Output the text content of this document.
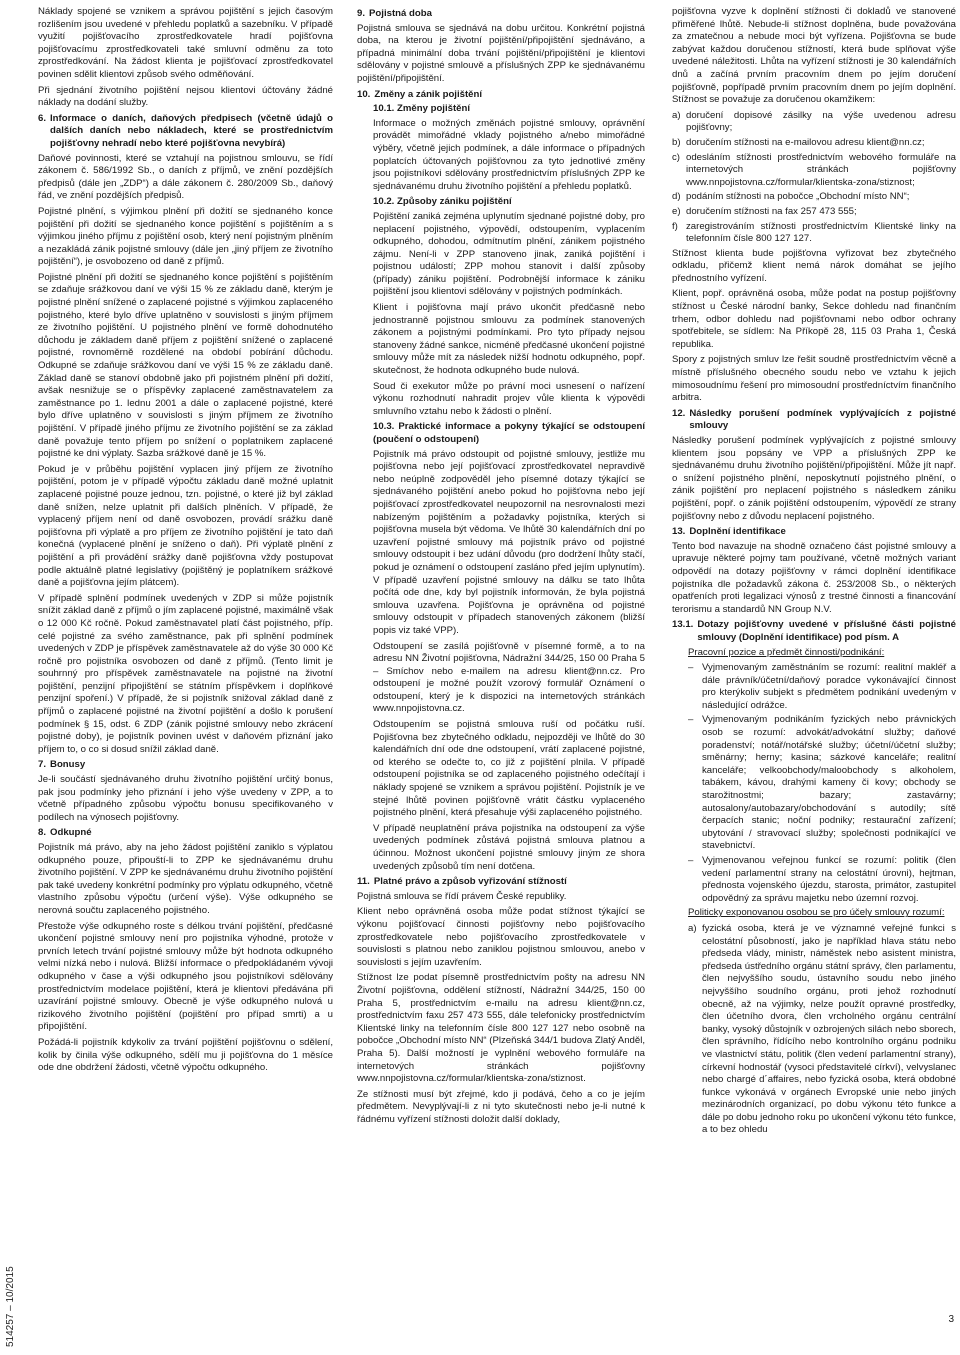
Náklady spojené se vznikem a správou pojištění s jejich časovým rozlišením jsou uvedené v přehledu poplatků a sazebníku. V případě využití pojišťovacího zprostředkovatele hradí pojišťovna pojišťovacímu zprostředkovateli také smluvní odměnu za toto zprostředkování. Na žádost klienta je pojišťovací zprostředkovatel povinen sdělit klientovi způsob svého odměňování.

Při sjednání životního pojištění nejsou klientovi účtovány žádné náklady na dodání služby.

6. Informace o daních, daňových předpisech (včetně údajů o dalších daních nebo nákladech, které se prostřednictvím pojišťovny nehradí nebo které pojišťovna nevybírá)

Daňové povinnosti, které se vztahují na pojistnou smlouvu, se řídí zákonem č. 586/1992 Sb., o daních z příjmů, ve znění pozdějších předpisů (dále jen „ZDP“) a dále zákonem č. 280/2009 Sb., daňový řád, ve znění pozdějších předpisů.

Pojistné plnění, s výjimkou plnění při dožití se sjednaného konce pojištění při dožití se sjednaného konce pojištění s pojištěním a s výjimkou jiného příjmu z pojištění osob, který není pojistným plněním a nezakládá zánik pojistné smlouvy (dále jen „jiný příjem ze životního pojištění“), je osvobozeno od daně z příjmů.

Pojistné plnění při dožití se sjednaného konce pojištění s pojištěním se zdaňuje srážkovou daní ve výši 15 % ze základu daně, kterým je pojistné plnění snížené o zaplacené pojistné s výjimkou zaplaceného pojistného, které bylo dříve uplatněno v souvislosti s jiným příjmem ze životního pojištění. U pojistného plnění ve formě dohodnutého důchodu je základem daně příjem z pojištění snížené o zaplacené pojistné, rovnoměrně rozdělené na období pobírání důchodu. Odkupné se zdaňuje srážkovou daní ve výši 15 % ze základu daně. Základ daně se stanoví obdobně jako při pojistném plnění při dožití, avšak nesnižuje se o příspěvky zaplacené zaměstnavatelem za zaměstnance po 1. lednu 2001 a dále o zaplacené pojistné, které bylo dříve uplatněno v souvislosti s jiným příjmem ze životního pojištění. V případě jiného příjmu ze životního pojištění se za základ daně považuje tento příjem po snížení o poplatnikem zaplacené pojistné ke dni výplaty. Sazba srážkové daně je 15 %.

Pokud je v průběhu pojištění vyplacen jiný příjem ze životního pojištění, potom je v případě výpočtu základu daně možné uplatnit zaplacené pojistné pouze jednou, tzn. pojistné, o které již byl základ daně snížen, nelze uplatnit při dalších plněních. V případě, že vyplacený příjem není od daně osvobozen, provádí srážku daně pojišťovna při výplatě a pro příjem ze životního pojištění je tato daň konečná (vyplacené plnění je sníženo o daň). Při výplatě plnění z pojištění a při provádění srážky daně pojišťovna vždy postupovat podle aktuálně platné legislativy (pojištěný je poplatníkem srážkové daně a pojišťovna jejím plátcem).

V případě splnění podmínek uvedených v ZDP si může pojistník snížit základ daně z příjmů o jím zaplacené pojistné, maximálně však o 12 000 Kč ročně. Pokud zaměstnavatel platí část pojistného, příp. celé pojistné za svého zaměstnance, pak při splnění podmínek uvedených v ZDP je příspěvek zaměstnavatele až do výše 30 000 Kč ročně pro pojistníka osvobozen od daně z příjmů. (Tento limit je souhrnný pro příspěvek zaměstnavatele na pojistné na životní pojištění, penzijní připojištění se státním příspěvkem i doplňkové penzijní spoření.) V případě, že si pojistník snižoval základ daně z příjmů o zaplacené pojistné na životní pojištění a došlo k porušení podmínek § 15, odst. 6 ZDP (zánik pojistné smlouvy nebo zkrácení pojistné doby), je pojistník povinen uvést v daňovém přiznání jako příjem to, o co si dosud snížil základ daně.

7. Bonusy

Je-li součástí sjednávaného druhu životního pojištění určitý bonus, pak jsou podmínky jeho přiznání i jeho výše uvedeny v ZPP, a to včetně případného způsobu výpočtu bonusu specifikovaného v podílech na výnosech pojišťovny.

8. Odkupné

Pojistník má právo, aby na jeho žádost pojištění zaniklo s výplatou odkupného pouze, připouští-li to ZPP ke sjednávanému druhu životního pojištění. V ZPP ke sjednávanému druhu životního pojištění pak také uvedeny konkrétní podmínky pro výplatu odkupného, včetně vlastního způsobu výpočtu (určení výše). Výše odkupného se nerovná součtu zaplaceného pojistného.

Přestože výše odkupného roste s délkou trvání pojištění, předčasné ukončení pojistné smlouvy není pro pojistníka výhodné, protože v prvních letech trvání pojistné smlouvy může být hodnota odkupného velmi nízká nebo i nulová. Bližší informace o předpokládaném vývoji odkupného v čase a výši odkupného jsou pojistníkovi sdělovány prostřednictvím modelace pojištění, která je klientovi předávána při uzavírání pojistné smlouvy. Obecně je výše odkupného nulová u rizikového životního pojištění (pojištění pro případ smrti) a u připojištění.

Požádá-li pojistník kdykoliv za trvání pojištění pojišťovnu o sdělení, kolik by činila výše odkupného, sdělí mu ji pojišťovna do 1 měsíce ode dne obdržení žádosti, včetně výpočtu odkupného.

9. Pojistná doba

Pojistná smlouva se sjednává na dobu určitou. Konkrétní pojistná doba, na kterou je životní pojištění/připojištění sjednáváno, a případná minimální doba trvání pojištění/připojištění je klientovi sdělovány v pojistné smlouvě a příslušných ZPP ke sjednávanému pojištění/připojištění.

10. Změny a zánik pojištění

10.1. Změny pojištění

Informace o možných změnách pojistné smlouvy, oprávnění provádět mimořádné vklady pojistného a/nebo mimořádné výběry, včetně jejich podmínek, a dále informace o případných poplatcích účtovaných pojišťovnou za tyto jednotlivé změny jsou pojistníkovi sdělovány prostřednictvím příslušných ZPP ke sjednávanému druhu životního pojištění a přehledu poplatků.

10.2. Způsoby zániku pojištění

Pojištění zaniká zejména uplynutím sjednané pojistné doby, pro neplacení pojistného, výpovědí, odstoupením, vyplacením odkupného, dohodou, odmítnutím plnění, zánikem pojistného zájmu. Není-li v ZPP stanoveno jinak, zaniká pojištění i pojistnou událostí; ZPP mohou stanovit i další způsoby (případy) zániku pojištění. Podrobnější informace k zániku pojištění jsou klientovi sdělovány v pojistných podmínkách.

Klient i pojišťovna mají právo ukončit předčasně nebo jednostranně pojistnou smlouvu za podmínek stanovených zákonem a pojistnými podmínkami. Pro tyto případy nejsou stanoveny žádné sankce, nicméně předčasné ukončení pojistné smlouvy může mít za následek nižší hodnotu odkupného, popř. skutečnost, že hodnota odkupného bude nulová.

Soud či exekutor může po právní moci usnesení o nařízení výkonu rozhodnutí nahradit projev vůle klienta k výpovědi smluvního vztahu nebo k žádosti o plnění.

10.3. Praktické informace a pokyny týkající se odstoupení (poučení o odstoupení)

Pojistník má právo odstoupit od pojistné smlouvy, jestliže mu pojišťovna nebo její pojišťovací zprostředkovatel nepravdivě nebo neúplně zodpověděl jeho písemné dotazy týkající se sjednávaného pojištění anebo pokud ho pojišťovna nebo její pojišťovací zprostředkovatel neupozornil na nesrovnalosti mezi nabízeným pojištěním a požadavky pojistníka, kterých si pojišťovna musela být vědoma. Ve lhůtě 30 kalendářních dní po uzavření pojistné smlouvy má pojistník právo od pojistné smlouvy odstoupit i bez udání důvodu (pro dodržení lhůty stačí, pokud je oznámení o odstoupení zasláno před jejím uplynutím). V případě uzavření pojistné smlouvy na dálku se tato lhůta počítá ode dne, kdy byl pojistník informován, že byla pojistná smlouva uzavřena. Pojišťovna je oprávněna od pojistné smlouvy odstoupit v případech stanovených zákonem (bližší popis viz také VPP).

Odstoupení se zasílá pojišťovně v písemné formě, a to na adresu NN Životní pojišťovna, Nádražní 344/25, 150 00 Praha 5 – Smíchov nebo e-mailem na adresu klient@nn.cz. Pro odstoupení je možné použít vzorový formulář Oznámení o odstoupení, který je k dispozici na internetových stránkách www.nnpojistovna.cz.

Odstoupením se pojistná smlouva ruší od počátku ruší. Pojišťovna bez zbytečného odkladu, nejpozději ve lhůtě do 30 kalendářních dní ode dne odstoupení, vrátí zaplacené pojistné, od kterého se odečte to, co již z pojištění plnila. V případě odstoupení pojistníka se od zaplaceného pojistného odečítají i náklady spojené se vznikem a správou pojištění. Pojistník je ve stejné lhůtě povinen pojišťovně vrátit částku vyplaceného pojistného plnění, která přesahuje výši zaplaceného pojistného.

V případě neuplatnění práva pojistníka na odstoupení za výše uvedených podmínek zůstává pojistná smlouva platnou a účinnou. Možnost ukončení pojistné smlouvy jiným ze shora uvedených způsobů tím není dotčena.

11. Platné právo a způsob vyřizování stížností

Pojistná smlouva se řídí právem České republiky.

Klient nebo oprávněná osoba může podat stížnost týkající se výkonu pojišťovací činnosti pojišťovny nebo pojišťovacího zprostředkovatele nebo pojišťovacího zprostředkovatele v souvislosti s platnou nebo zaniklou pojistnou smlouvou, anebo v souvislosti s jejím uzavřením.

Stížnost lze podat písemně prostřednictvím pošty na adresu NN Životní pojišťovna, oddělení stížností, Nádražní 344/25, 150 00 Praha 5, prostřednictvím e-mailu na adresu klient@nn.cz, prostřednictvím faxu 257 473 555, dále telefonicky prostřednictvím Klientské linky na telefonním čísle 800 127 127 nebo osobně na pobočce „Obchodní místo NN“ (Plzeňská 344/1 budova Zlatý Anděl, Praha 5). Další možností je vyplnění webového formuláře na internetových stránkách pojišťovny www.nnpojistovna.cz/formular/klientska-zona/stiznost.

Ze stížnosti musí být zřejmé, kdo ji podává, čeho a co je jejím předmětem. Nevyplývají-li z ni tyto skutečnosti nebo je-li nutné k řádnému vyřízení stížnosti doložit další doklady,

pojišťovna vyzve k doplnění stížnosti či dokladů ve stanovené přiměřené lhůtě. Nebude-li stížnost doplněna, bude považována za zmatečnou a nebude moci být vyřízena. Pojišťovna se bude zabývat každou doručenou stížností, která bude splňovat výše uvedené náležitosti. Lhůta na vyřízení stížnosti je 30 kalendářních dnů a začíná prvním pracovním dnem po jejím doručení pojišťovně, popřípadě prvním pracovním dnem po jejím doplnění. Stížnost se považuje za doručenou okamžikem:

a) doručení dopisové zásilky na výše uvedenou adresu pojišťovny;
b) doručením stížnosti na e-mailovou adresu klient@nn.cz;
c) odesláním stížnosti prostřednictvím webového formuláře na internetových stránkách pojišťovny www.nnpojistovna.cz/formular/klientska-zona/stiznost;
d) podáním stížnosti na pobočce „Obchodní místo NN“;
e) doručením stížnosti na fax 257 473 555;
f) zaregistrováním stížnosti prostřednictvím Klientské linky na telefonním čísle 800 127 127.

Stížnost klienta bude pojišťovna vyřizovat bez zbytečného odkladu, přičemž klient nemá nárok domáhat se jejího přednostního vyřízení.

Klient, popř. oprávněná osoba, může podat na postup pojišťovny stížnost u České národní banky, Sekce dohledu nad finančním trhem, odbor dohledu nad pojišťovnami nebo odbor ochrany spotřebitele, se sídlem: Na Příkopě 28, 115 03 Praha 1, Česká republika.

Spory z pojistných smluv lze řešit soudně prostřednictvím věcně a místně příslušného obecného soudu nebo ve vztahu k jejich mimosoudnímu řešení pro mimosoudní prostředníctvím finančního arbitra.

12. Následky porušení podmínek vyplývajících z pojistné smlouvy

Následky porušení podmínek vyplývajících z pojistné smlouvy klientem jsou popsány ve VPP a příslušných ZPP ke sjednávanému druhu životního pojištění/připojištění. Může jít např. o snížení pojistného plnění, neposkytnutí pojistného plnění, o zánik pojištění pro neplacení pojistného s následkem zániku pojištění, popř. o zánik pojištění odstoupením, výpovědí ze strany pojišťovny nebo z důvodu neplacení pojistného.

13. Doplnění identifikace

Tento bod navazuje na shodně označeno část pojistné smlouvy a upravuje některé pojmy tam používané, včetně možných variant odpovědí na dotazy pojišťovny v rámci doplnění identifikace pojistníka dle požadavků zákona č. 253/2008 Sb., o některých opatřeních proti legalizaci výnosů z trestné činnosti a financování terorismu a standardů NN Group N.V.

13.1. Dotazy pojišťovny uvedené v příslušné části pojistné smlouvy (Doplnění identifikace) pod písm. A

Pracovní pozice a předmět činnosti/podnikání:

– Vyjmenovaným zaměstnáním se rozumí: realitní makléř a dále právník/účetní/daňový poradce vykonávající činnost pro kterýkoliv subjekt s předmětem podnikání uvedeným v následující odrážce.
– Vyjmenovaným podnikáním fyzických nebo právnických osob se rozumí: advokát/advokátní služby; daňové poradenství; notář/notářské služby; účetní/účetní služby; směnárny; herny; kasina; sázkové kanceláře; realitní kanceláře; velkoobchody/maloobchody s alkoholem, tabákem, kávou, drahými kameny či kovy; obchody se starožitnostmi; bazary; zastavárny; autosalony/autobazary/obchodování s autodíly; sítě čerpacích stanic; noční podniky; restaurační zařízení; ubytování / stravovací služby; společnosti podnikající ve stavebnictví.
– Vyjmenovanou veřejnou funkcí se rozumí: politik (člen vedení parlamentní strany na celostátní úrovni), hejtman, přednosta vojenského újezdu, starosta, primátor, zastupitel odpovědný za správu majetku nebo územní rozvoj.

Politicky exponovanou osobou se pro účely smlouvy rozumí:

a) fyzická osoba, která je ve významné veřejné funkci s celostátní působností, jako je například hlava státu nebo předseda vlády, ministr, náměstek nebo asistent ministra, předseda ústředního orgánu státní správy, člen parlamentu, člen nejvyššího soudu, ústavního soudu nebo jiného nejvyššího soudního orgánu, proti jehož rozhodnutí obecně, až na výjimky, nelze použít opravné prostředky, člen účetního dvora, člen vrcholného orgánu centrální banky, vysoký důstojník v ozbrojených silách nebo sborech, člen správního, řídícího nebo kontrolního orgánu podniku ve vlastnictví státu, politik (člen vedení parlamentní strany), církevní hodnostář (vysoci představitelé církví), velvyslanec nebo chargé d´affaires, nebo fyzická osoba, která obdobné funkce vykonává v orgánech Evropské unie nebo jiných mezinárodních organizací, po dobu výkonu této funkce a dále po dobu jednoho roku po ukončení výkonu této funkce, a to bez ohledu
514257 – 10/2015	3
